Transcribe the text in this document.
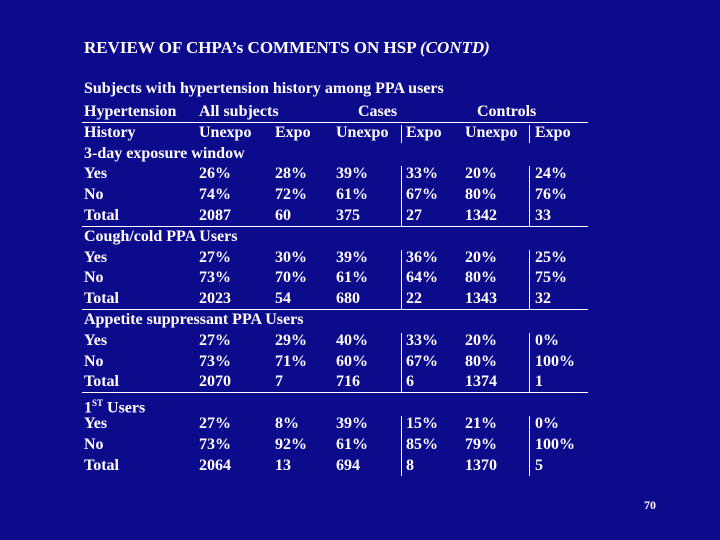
REVIEW OF CHPA’s COMMENTS ON HSP (CONTD)
Subjects with hypertension history among PPA users
Hypertension All subjects	Cases	Controls
History	Unexpo Expo Unexpo Expo Unexpo Expo
3-day exposure window
Yes	26%	28% 39% 33% 20% 24%
No	74%	72% 61% 67% 80% 76%
Total	2087	60	375	27	1342 33
Cough/cold PPA Users
Yes	27%	30% 39% 36% 20% 25%
No	73%	70% 61% 64% 80% 75%
Total	2023	54	680	22	1343 32
Appetite suppressant PPA Users
Yes	27%	29% 40% 33% 20% 0%
No	73%	71% 60% 67% 80% 100%
Total	2070	7	716	6	1374 1
1ST Users
Yes	27%	8% 39% 15% 21% 0%
No	73%	92% 61% 85% 79% 100%
Total	2064	13	694	8	1370 5
70
